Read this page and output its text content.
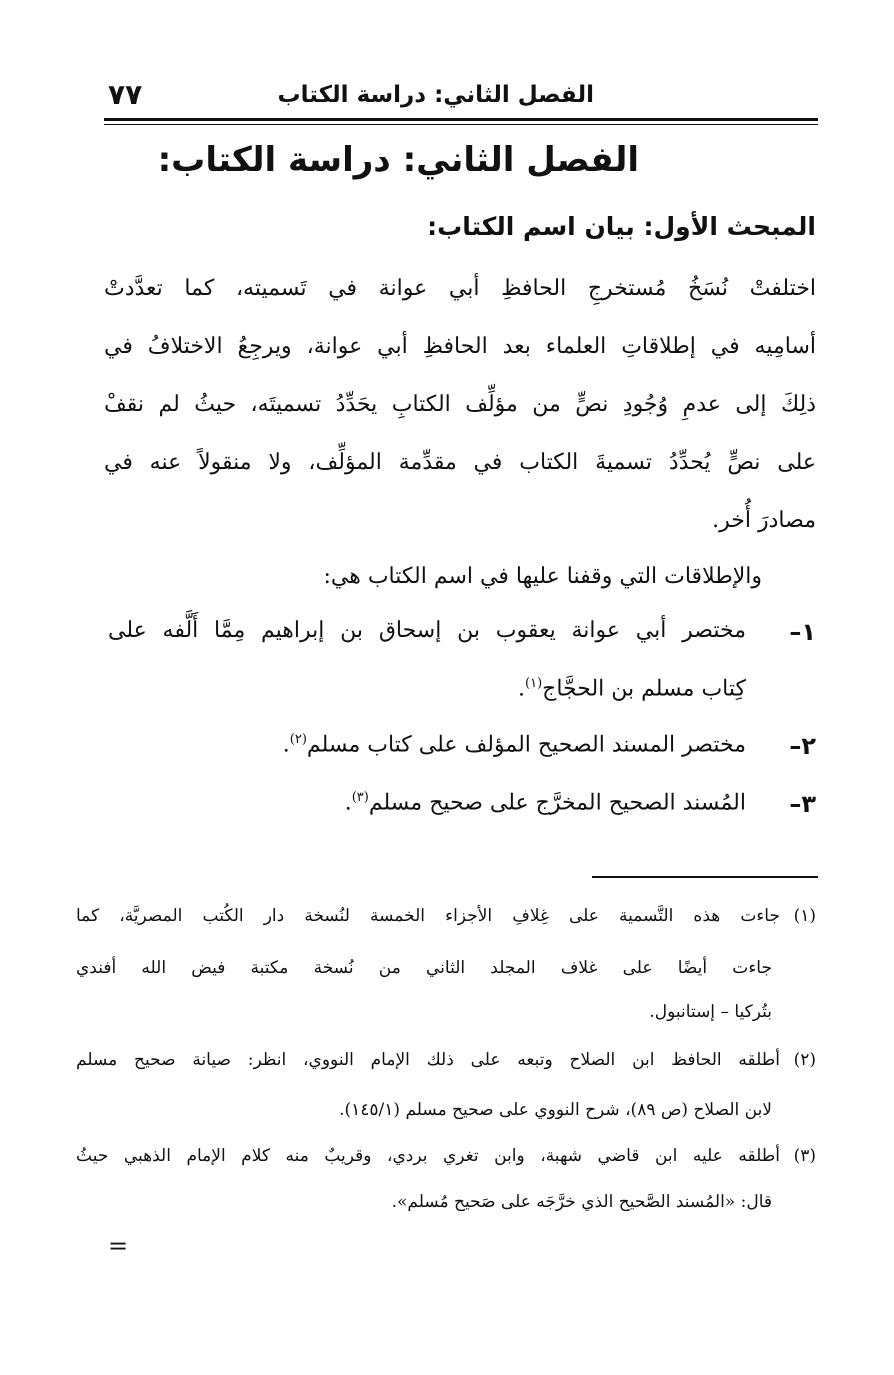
الفصل الثاني: دراسة الكتاب
٧٧
الفصل الثاني: دراسة الكتاب:
المبحث الأول: بيان اسم الكتاب:
اختلفتْ نُسَخُ مُستخرجِ الحافظِ أبي عوانة في تَسميته، كما تعدَّدتْ
أسامِيه في إطلاقاتِ العلماء بعد الحافظِ أبي عوانة، ويرجِعُ الاختلافُ في
ذلِكَ إلى عدمِ وُجُودِ نصٍّ من مؤلِّف الكتابِ يحَدِّدُ تسميتَه، حيثُ لم نقفْ
على نصٍّ يُحدِّدُ تسميةَ الكتاب في مقدِّمة المؤلِّف، ولا منقولاً عنه في
مصادرَ أُخر.
والإطلاقات التي وقفنا عليها في اسم الكتاب هي:
١–
مختصر أبي عوانة يعقوب بن إسحاق بن إبراهيم مِمَّا أَلَّفه على
كِتاب مسلم بن الحجَّاج$^{(١)}$.
٢–
مختصر المسند الصحيح المؤلف على كتاب مسلم$^{(٢)}$.
٣–
المُسند الصحيح المخرَّج على صحيح مسلم$^{(٣)}$.
(١)
جاءت هذه التَّسمية على غِلافِ الأجزاء الخمسة لنُسخة دار الكُتب المصريَّة، كما
جاءت أيضًا على غلاف المجلد الثاني من نُسخة مكتبة فيض الله أفندي
بتُركيا – إستانبول.
(٢)
أطلقه الحافظ ابن الصلاح وتبعه على ذلك الإمام النووي، انظر: صيانة صحيح مسلم
لابن الصلاح (ص ٨٩)، شرح النووي على صحيح مسلم (١٤٥/١).
(٣)
أطلقه عليه ابن قاضي شهبة، وابن تغري بردي، وقريبٌ منه كلام الإمام الذهبي حيثُ
قال: «المُسند الصَّحيح الذي خرَّجَه على صَحيح مُسلم».
=
